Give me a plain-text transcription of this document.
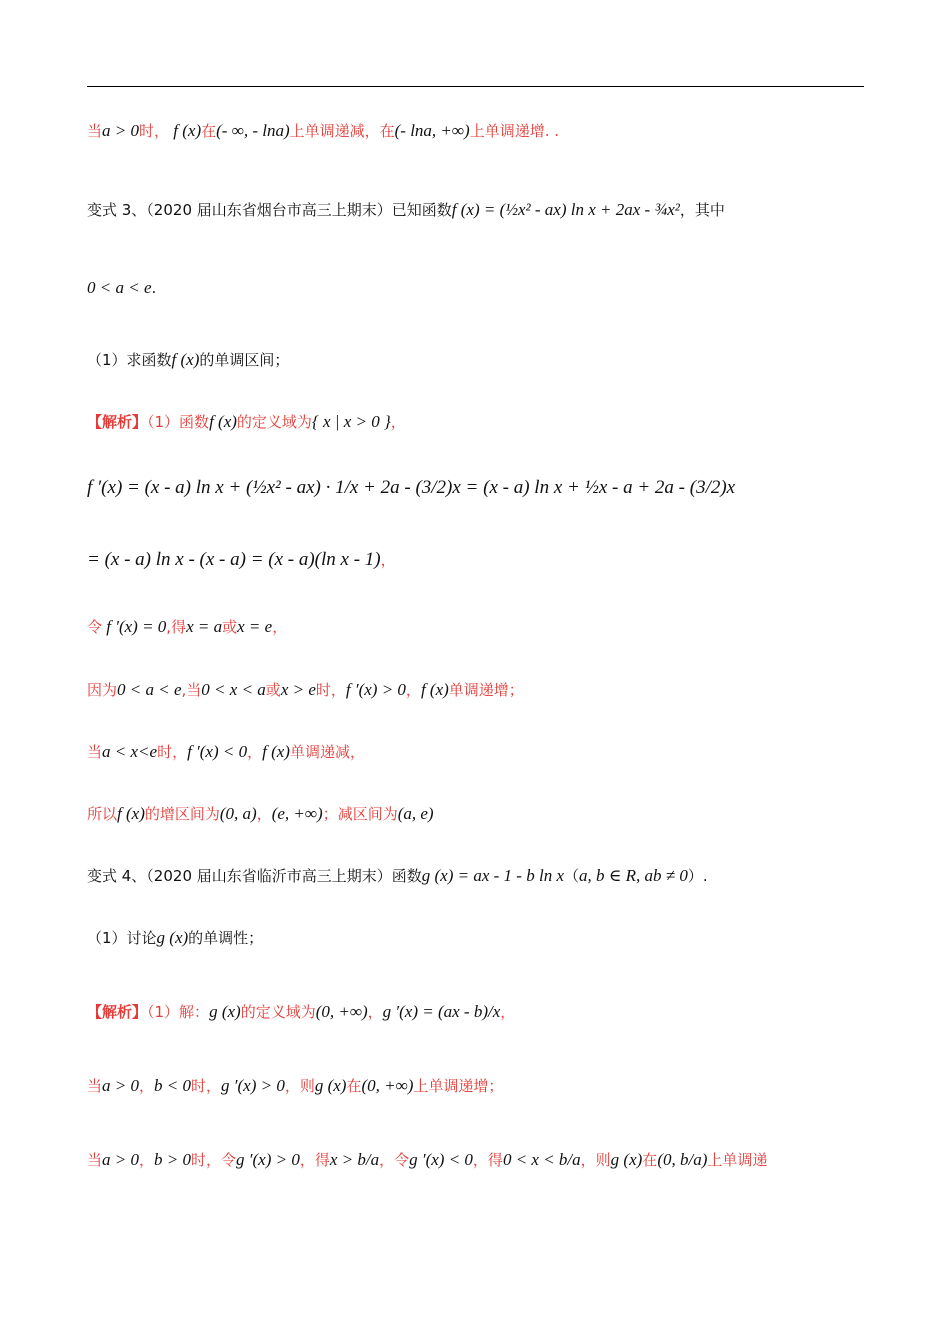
当a > 0时， f (x)在(- ∞, - lna)上单调递减，在(- lna, +∞)上单调递增. .
变式 3、（2020 届山东省烟台市高三上期末）已知函数f (x) = (½x² - ax) ln x + 2ax - ¾x²，其中
0 < a < e.
（1）求函数f (x)的单调区间；
【解析】（1）函数f (x)的定义域为{ x | x > 0 }，
f ′(x) = (x - a) ln x + (½x² - ax) · 1/x + 2a - (3/2)x = (x - a) ln x + ½x - a + 2a - (3/2)x
= (x - a) ln x - (x - a) = (x - a)(ln x - 1)，
令 f ′(x) = 0,得x = a或x = e，
因为0 < a < e,当0 < x < a或x > e时，f ′(x) > 0，f (x)单调递增；
当a < x<e时，f ′(x) < 0，f (x)单调递减，
所以f (x)的增区间为(0, a)，(e, +∞)；减区间为(a, e)
变式 4、（2020 届山东省临沂市高三上期末）函数g (x) = ax - 1 - b ln x（a, b ∈ R, ab ≠ 0）.
（1）讨论g (x)的单调性；
【解析】（1）解：g (x)的定义域为(0, +∞)，g ′(x) = (ax - b)/x，
当a > 0，b < 0时，g ′(x) > 0，则g (x)在(0, +∞)上单调递增；
当a > 0，b > 0时，令g ′(x) > 0，得x > b/a，令g ′(x) < 0，得0 < x < b/a，则g (x)在(0, b/a)上单调递
